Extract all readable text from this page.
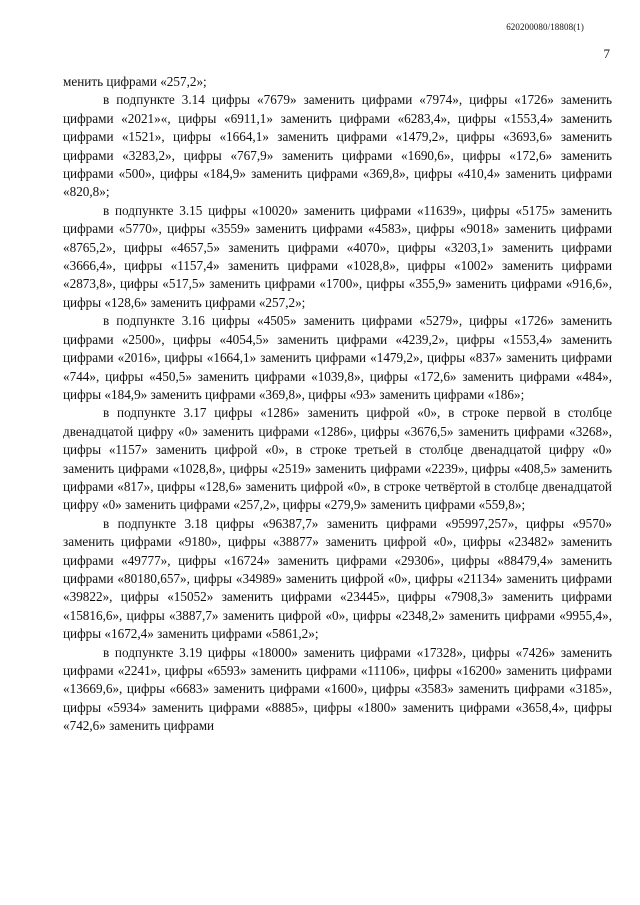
620200080/18808(1)
7

менить цифрами «257,2»;

в подпункте 3.14 цифры «7679» заменить цифрами «7974», цифры «1726» заменить цифрами «2021»«, цифры «6911,1» заменить цифрами «6283,4», цифры «1553,4» заменить цифрами «1521», цифры «1664,1» заменить цифрами «1479,2», цифры «3693,6» заменить цифрами «3283,2», цифры «767,9» заменить цифрами «1690,6», цифры «172,6» заменить цифрами «500», цифры «184,9» заменить цифрами «369,8», цифры «410,4» заменить цифрами «820,8»;

в подпункте 3.15 цифры «10020» заменить цифрами «11639», цифры «5175» заменить цифрами «5770», цифры «3559» заменить цифрами «4583», цифры «9018» заменить цифрами «8765,2», цифры «4657,5» заменить цифрами «4070», цифры «3203,1» заменить цифрами «3666,4», цифры «1157,4» заменить цифрами «1028,8», цифры «1002» заменить цифрами «2873,8», цифры «517,5» заменить цифрами «1700», цифры «355,9» заменить цифрами «916,6», цифры «128,6» заменить цифрами «257,2»;

в подпункте 3.16 цифры «4505» заменить цифрами «5279», цифры «1726» заменить цифрами «2500», цифры «4054,5» заменить цифрами «4239,2», цифры «1553,4» заменить цифрами «2016», цифры «1664,1» заменить цифрами «1479,2», цифры «837» заменить цифрами «744», цифры «450,5» заменить цифрами «1039,8», цифры «172,6» заменить цифрами «484», цифры «184,9» заменить цифрами «369,8», цифры «93» заменить цифрами «186»;

в подпункте 3.17 цифры «1286» заменить цифрой «0», в строке первой в столбце двенадцатой цифру «0» заменить цифрами «1286», цифры «3676,5» заменить цифрами «3268», цифры «1157» заменить цифрой «0», в строке третьей в столбце двенадцатой цифру «0» заменить цифрами «1028,8», цифры «2519» заменить цифрами «2239», цифры «408,5» заменить цифрами «817», цифры «128,6» заменить цифрой «0», в строке четвёртой в столбце двенадцатой цифру «0» заменить цифрами «257,2», цифры «279,9» заменить цифрами «559,8»;

в подпункте 3.18 цифры «96387,7» заменить цифрами «95997,257», цифры «9570» заменить цифрами «9180», цифры «38877» заменить цифрой «0», цифры «23482» заменить цифрами «49777», цифры «16724» заменить цифрами «29306», цифры «88479,4» заменить цифрами «80180,657», цифры «34989» заменить цифрой «0», цифры «21134» заменить цифрами «39822», цифры «15052» заменить цифрами «23445», цифры «7908,3» заменить цифрами «15816,6», цифры «3887,7» заменить цифрой «0», цифры «2348,2» заменить цифрами «9955,4», цифры «1672,4» заменить цифрами «5861,2»;

в подпункте 3.19 цифры «18000» заменить цифрами «17328», цифры «7426» заменить цифрами «2241», цифры «6593» заменить цифрами «11106», цифры «16200» заменить цифрами «13669,6», цифры «6683» заменить цифрами «1600», цифры «3583» заменить цифрами «3185», цифры «5934» заменить цифрами «8885», цифры «1800» заменить цифрами «3658,4», цифры «742,6» заменить цифрами
